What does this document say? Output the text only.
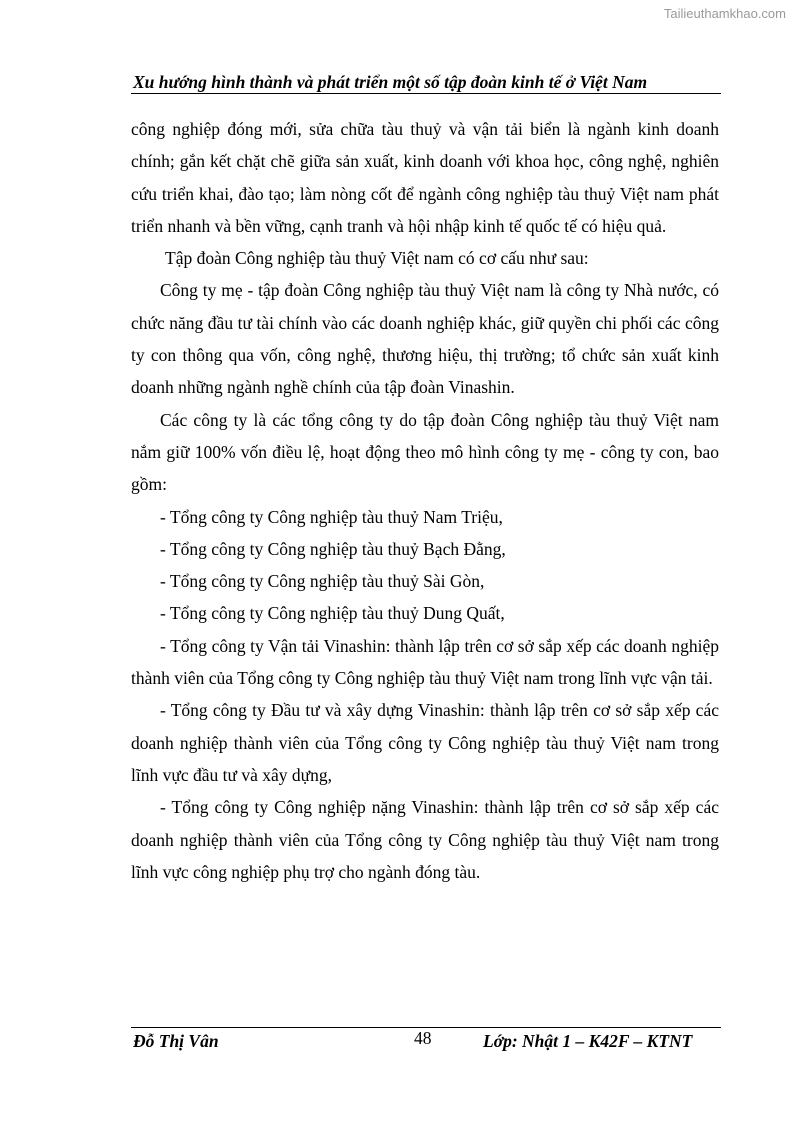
Tailieuthamkhao.com
Xu hướng hình thành và phát triển một số tập đoàn kinh tế ở Việt Nam

công nghiệp đóng mới, sửa chữa tàu thuỷ và vận tải biển là ngành kinh doanh chính; gắn kết chặt chẽ giữa sản xuất, kinh doanh với khoa học, công nghệ, nghiên cứu triển khai, đào tạo; làm nòng cốt để ngành công nghiệp tàu thuỷ Việt nam phát triển nhanh và bền vững, cạnh tranh và hội nhập kinh tế quốc tế có hiệu quả.

Tập đoàn Công nghiệp tàu thuỷ Việt nam có cơ cấu như sau:

Công ty mẹ - tập đoàn Công nghiệp tàu thuỷ Việt nam là công ty Nhà nước, có chức năng đầu tư tài chính vào các doanh nghiệp khác, giữ quyền chi phối các công ty con thông qua vốn, công nghệ, thương hiệu, thị trường; tổ chức sản xuất kinh doanh những ngành nghề chính của tập đoàn Vinashin.

Các công ty là các tổng công ty do tập đoàn Công nghiệp tàu thuỷ Việt nam nắm giữ 100% vốn điều lệ, hoạt động theo mô hình công ty mẹ - công ty con, bao gồm:

- Tổng công ty Công nghiệp tàu thuỷ Nam Triệu,

- Tổng công ty Công nghiệp tàu thuỷ Bạch Đằng,

- Tổng công ty Công nghiệp tàu thuỷ Sài Gòn,

- Tổng công ty Công nghiệp tàu thuỷ Dung Quất,

- Tổng công ty Vận tải Vinashin: thành lập trên cơ sở sắp xếp các doanh nghiệp thành viên của Tổng công ty Công nghiệp tàu thuỷ Việt nam trong lĩnh vực vận tải.

- Tổng công ty Đầu tư và xây dựng Vinashin: thành lập trên cơ sở sắp xếp các doanh nghiệp thành viên của Tổng công ty Công nghiệp tàu thuỷ Việt nam trong lĩnh vực đầu tư và xây dựng,

- Tổng công ty Công nghiệp nặng Vinashin: thành lập trên cơ sở sắp xếp các doanh nghiệp thành viên của Tổng công ty Công nghiệp tàu thuỷ Việt nam trong lĩnh vực công nghiệp phụ trợ cho ngành đóng tàu.

Đỗ Thị Vân	48	Lớp: Nhật 1 – K42F – KTNT
